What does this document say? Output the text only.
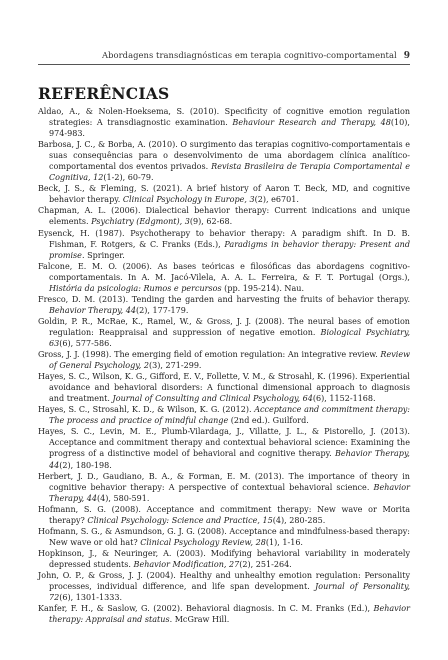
Abordagens transdiagnósticas em terapia cognitivo-comportamental 9
REFERÊNCIAS

Aldao, A., & Nolen-Hoeksema, S. (2010). Specificity of cognitive emotion regulation strategies: A transdiagnostic examination. Behaviour Research and Therapy, 48(10), 974-983.

Barbosa, J. C., & Borba, A. (2010). O surgimento das terapias cognitivo-comportamentais e suas consequências para o desenvolvimento de uma abordagem clínica analítico-comportamental dos eventos privados. Revista Brasileira de Terapia Comportamental e Cognitiva, 12(1-2), 60-79.

Beck, J. S., & Fleming, S. (2021). A brief history of Aaron T. Beck, MD, and cognitive behavior therapy. Clinical Psychology in Europe, 3(2), e6701.

Chapman, A. L. (2006). Dialectical behavior therapy: Current indications and unique elements. Psychiatry (Edgmont), 3(9), 62-68.

Eysenck, H. (1987). Psychotherapy to behavior therapy: A paradigm shift. In D. B. Fishman, F. Rotgers, & C. Franks (Eds.), Paradigms in behavior therapy: Present and promise. Springer.

Falcone, E. M. O. (2006). As bases teóricas e filosóficas das abordagens cognitivo-comportamentais. In A. M. Jacó-Vilela, A. A. L. Ferreira, & F. T. Portugal (Orgs.), História da psicologia: Rumos e percursos (pp. 195-214). Nau.

Fresco, D. M. (2013). Tending the garden and harvesting the fruits of behavior therapy. Behavior Therapy, 44(2), 177-179.

Goldin, P. R., McRae, K., Ramel, W., & Gross, J. J. (2008). The neural bases of emotion regulation: Reappraisal and suppression of negative emotion. Biological Psychiatry, 63(6), 577-586.

Gross, J. J. (1998). The emerging field of emotion regulation: An integrative review. Review of General Psychology, 2(3), 271-299.

Hayes, S. C., Wilson, K. G., Gifford, E. V., Follette, V. M., & Strosahl, K. (1996). Experiential avoidance and behavioral disorders: A functional dimensional approach to diagnosis and treatment. Journal of Consulting and Clinical Psychology, 64(6), 1152-1168.

Hayes, S. C., Strosahl, K. D., & Wilson, K. G. (2012). Acceptance and commitment therapy: The process and practice of mindful change (2nd ed.). Guilford.

Hayes, S. C., Levin, M. E., Plumb-Vilardaga, J., Villatte, J. L., & Pistorello, J. (2013). Acceptance and commitment therapy and contextual behavioral science: Examining the progress of a distinctive model of behavioral and cognitive therapy. Behavior Therapy, 44(2), 180-198.

Herbert, J. D., Gaudiano, B. A., & Forman, E. M. (2013). The importance of theory in cognitive behavior therapy: A perspective of contextual behavioral science. Behavior Therapy, 44(4), 580-591.

Hofmann, S. G. (2008). Acceptance and commitment therapy: New wave or Morita therapy? Clinical Psychology: Science and Practice, 15(4), 280-285.

Hofmann, S. G., & Asmundson, G. J. G. (2008). Acceptance and mindfulness-based therapy: New wave or old hat? Clinical Psychology Review, 28(1), 1-16.

Hopkinson, J., & Neuringer, A. (2003). Modifying behavioral variability in moderately depressed students. Behavior Modification, 27(2), 251-264.

John, O. P., & Gross, J. J. (2004). Healthy and unhealthy emotion regulation: Personality processes, individual difference, and life span development. Journal of Personality, 72(6), 1301-1333.

Kanfer, F. H., & Saslow, G. (2002). Behavioral diagnosis. In C. M. Franks (Ed.), Behavior therapy: Appraisal and status. McGraw Hill.
